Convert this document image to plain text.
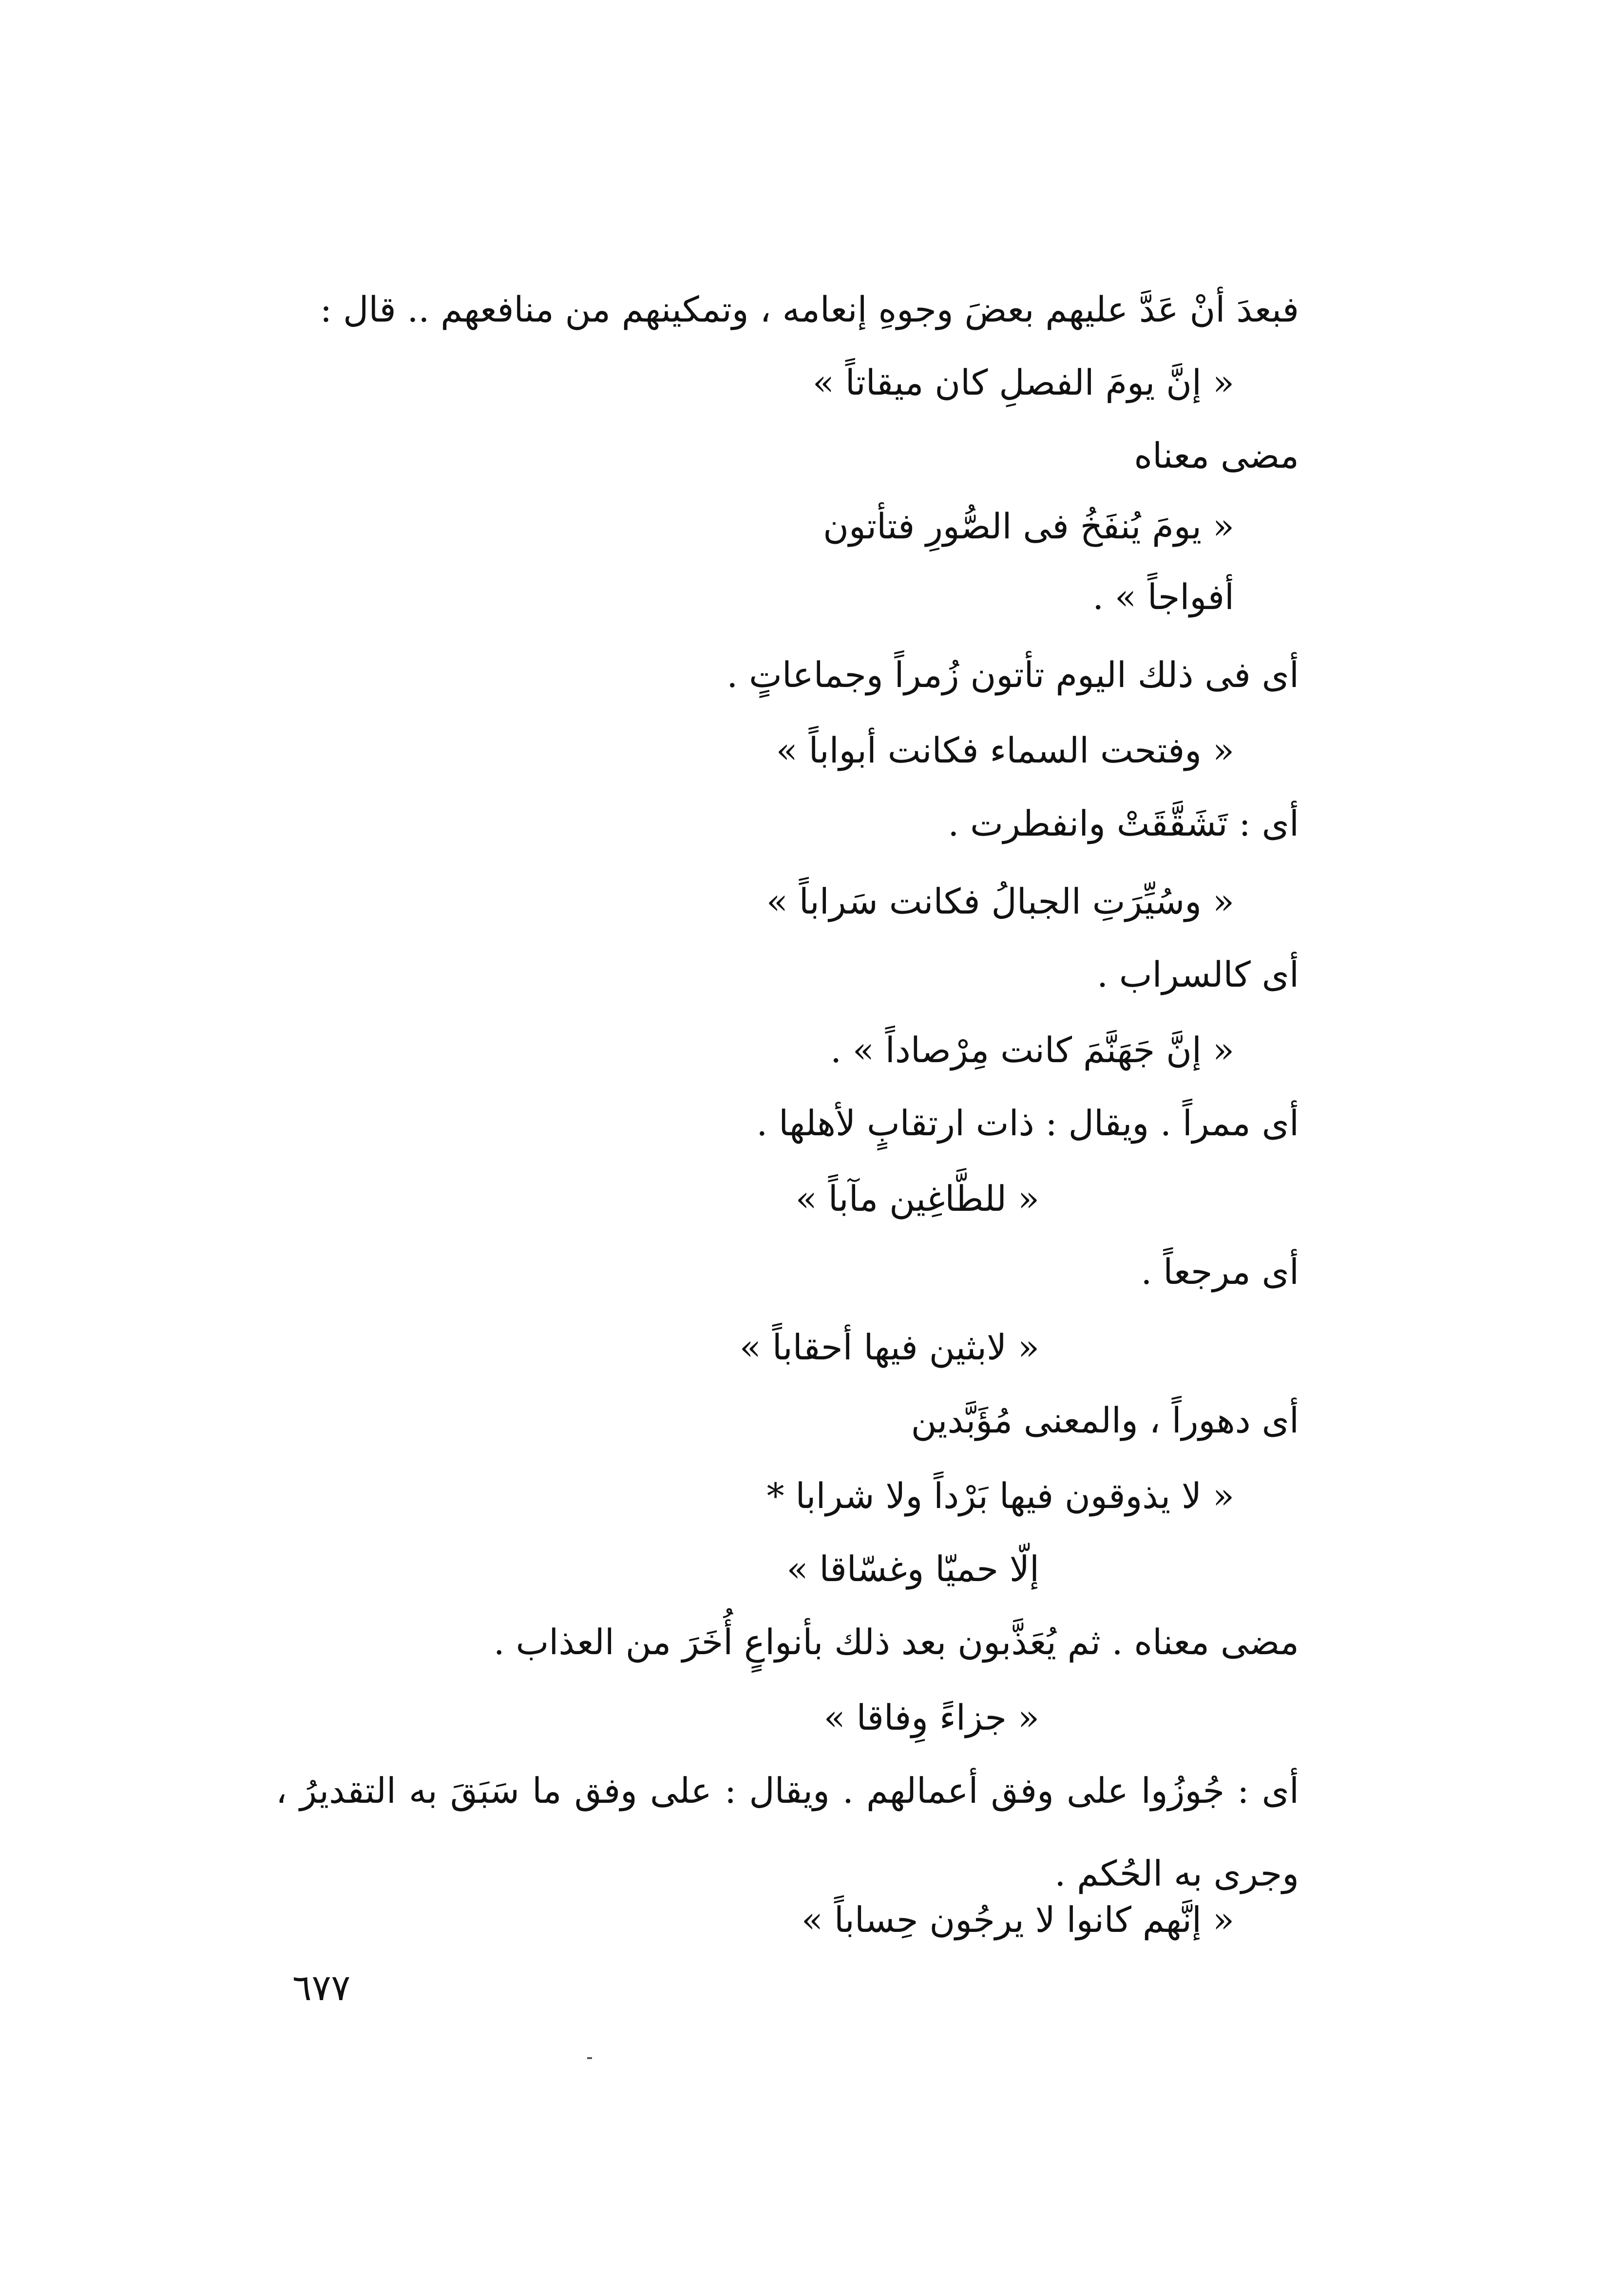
فبعدَ أنْ عَدَّ عليهم بعضَ وجوهِ إنعامه ، وتمكينهم من منافعهم .. قال :
« إنَّ يومَ الفصلِ كان ميقاتاً »
مضى معناه
« يومَ يُنفَخُ فى الصُّورِ فتأتون
أفواجاً » .
أى فى ذلك اليوم تأتون زُمراً وجماعاتٍ .
« وفتحت السماء فكانت أبواباً »
أى : تَشَقَّقَتْ وانفطرت .
« وسُيِّرَتِ الجبالُ فكانت سَراباً »
أى كالسراب .
« إنَّ جَهَنَّمَ كانت مِرْصاداً » .
أى ممراً . ويقال : ذات ارتقابٍ لأهلها .
« للطَّاغِين مآباً »
أى مرجعاً .
« لابثين فيها أحقاباً »
أى دهوراً ، والمعنى مُؤَبَّدين
« لا يذوقون فيها بَرْداً ولا شرابا *
إلّا حميّا وغسّاقا »
مضى معناه . ثم يُعَذَّبون بعد ذلك بأنواعٍ أُخَرَ من العذاب .
« جزاءً وِفاقا »
أى : جُوزُوا على وفق أعمالهم . ويقال : على وفق ما سَبَقَ به التقديرُ ، وجرى به الحُكم .
« إنَّهم كانوا لا يرجُون حِساباً »
٦٧٧
